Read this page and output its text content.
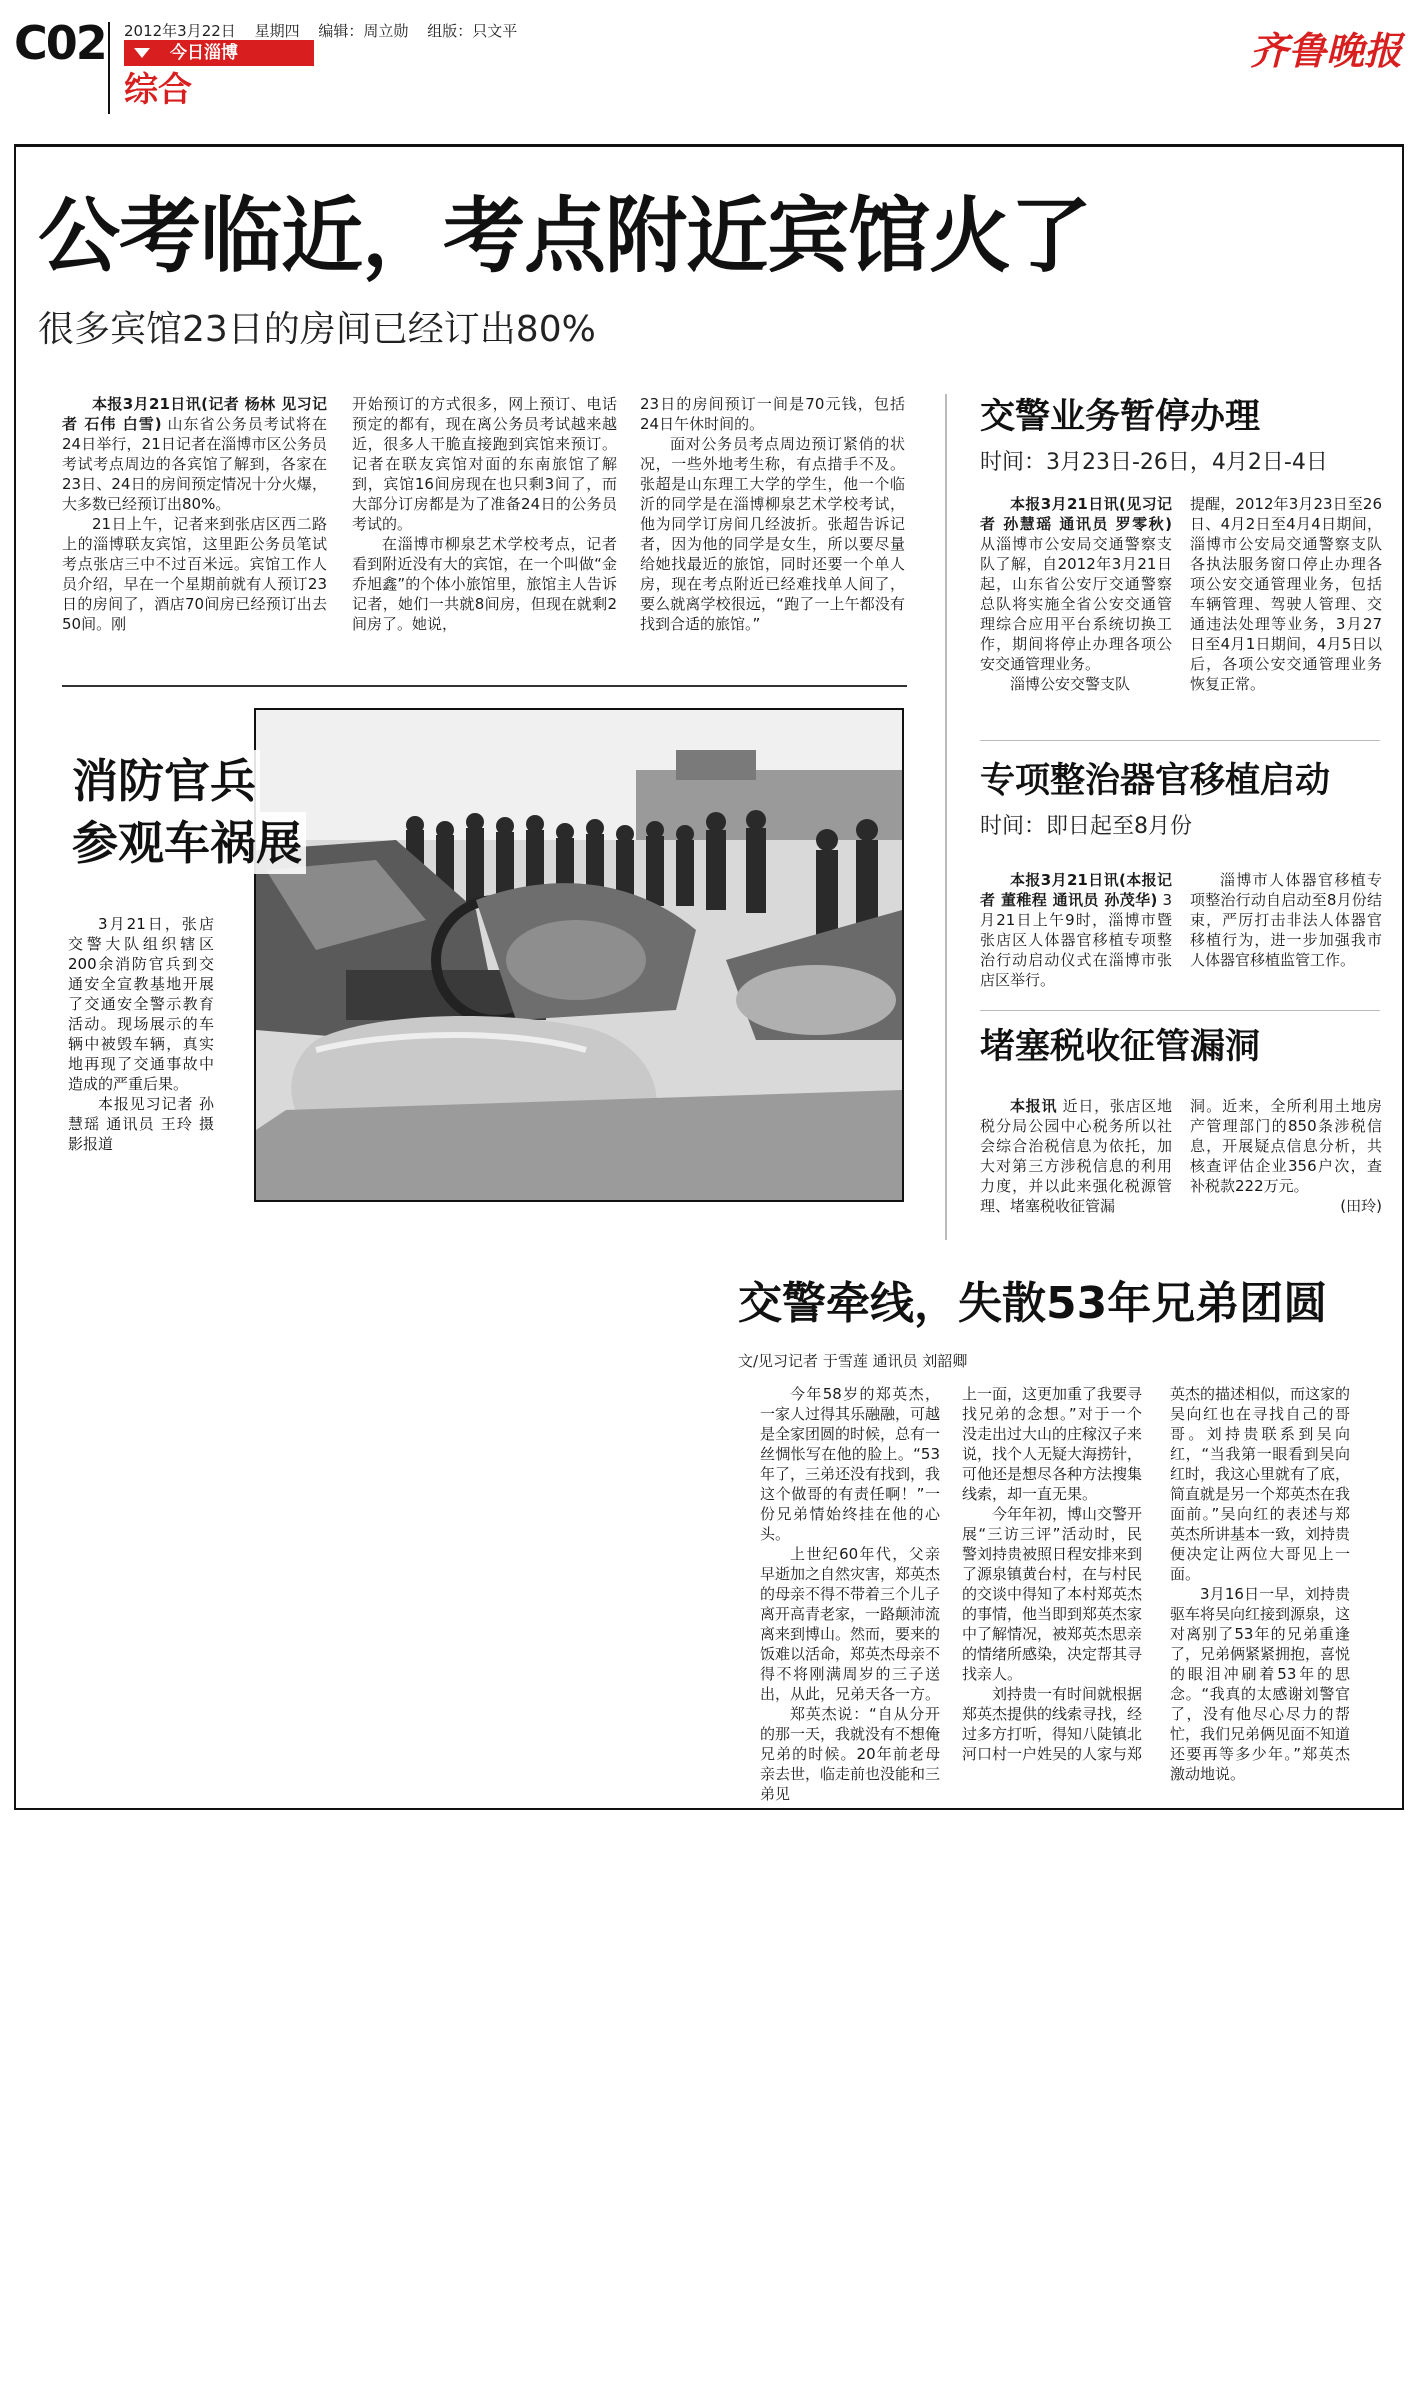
C02 2012年3月22日 星期四 编辑：周立勋 组版：只文平
今日淄博
综合
齐鲁晚报
公考临近，考点附近宾馆火了
很多宾馆23日的房间已经订出80%

本报3月21日讯(记者 杨林 见习记者 石伟 白雪) 山东省公务员考试将在24日举行，21日记者在淄博市区公务员考试考点周边的各宾馆了解到，各家在23日、24日的房间预定情况十分火爆，大多数已经预订出80%。

21日上午，记者来到张店区西二路上的淄博联友宾馆，这里距公务员笔试考点张店三中不过百米远。宾馆工作人员介绍，早在一个星期前就有人预订23日的房间了，酒店70间房已经预订出去50间。刚

开始预订的方式很多，网上预订、电话预定的都有，现在离公务员考试越来越近，很多人干脆直接跑到宾馆来预订。记者在联友宾馆对面的东南旅馆了解到，宾馆16间房现在也只剩3间了，而大部分订房都是为了准备24日的公务员考试的。

在淄博市柳泉艺术学校考点，记者看到附近没有大的宾馆，在一个叫做“金乔旭鑫”的个体小旅馆里，旅馆主人告诉记者，她们一共就8间房，但现在就剩2间房了。她说，

23日的房间预订一间是70元钱，包括24日午休时间的。

面对公务员考点周边预订紧俏的状况，一些外地考生称，有点措手不及。张超是山东理工大学的学生，他一个临沂的同学是在淄博柳泉艺术学校考试，他为同学订房间几经波折。张超告诉记者，因为他的同学是女生，所以要尽量给她找最近的旅馆，同时还要一个单人房，现在考点附近已经难找单人间了，要么就离学校很远，“跑了一上午都没有找到合适的旅馆。”

交警业务暂停办理
时间：3月23日-26日，4月2日-4日

本报3月21日讯(见习记者 孙慧瑶 通讯员 罗零秋) 从淄博市公安局交通警察支队了解，自2012年3月21日起，山东省公安厅交通警察总队将实施全省公安交通管理综合应用平台系统切换工作，期间将停止办理各项公安交通管理业务。

淄博公安交警支队

提醒，2012年3月23日至26日、4月2日至4月4日期间，淄博市公安局交通警察支队各执法服务窗口停止办理各项公安交通管理业务，包括车辆管理、驾驶人管理、交通违法处理等业务，3月27日至4月1日期间，4月5日以后，各项公安交通管理业务恢复正常。

专项整治器官移植启动
时间：即日起至8月份

本报3月21日讯(本报记者 董稚程 通讯员 孙茂华) 3月21日上午9时，淄博市暨张店区人体器官移植专项整治行动启动仪式在淄博市张店区举行。

淄博市人体器官移植专项整治行动自启动至8月份结束，严厉打击非法人体器官移植行为，进一步加强我市人体器官移植监管工作。

堵塞税收征管漏洞

本报讯 近日，张店区地税分局公园中心税务所以社会综合治税信息为依托，加大对第三方涉税信息的利用力度，并以此来强化税源管理、堵塞税收征管漏

洞。近来，全所利用土地房产管理部门的850条涉税信息，开展疑点信息分析，共核查评估企业356户次，查补税款222万元。

(田玲)

消防官兵
参观车祸展

3月21日，张店交警大队组织辖区200余消防官兵到交通安全宣教基地开展了交通安全警示教育活动。现场展示的车辆中被毁车辆，真实地再现了交通事故中造成的严重后果。

本报见习记者 孙慧瑶 通讯员 王玲 摄影报道

交警牵线，失散53年兄弟团圆
文/见习记者 于雪莲 通讯员 刘韶卿

今年58岁的郑英杰，一家人过得其乐融融，可越是全家团圆的时候，总有一丝惆怅写在他的脸上。“53年了，三弟还没有找到，我这个做哥的有责任啊！”一份兄弟情始终挂在他的心头。

上世纪60年代，父亲早逝加之自然灾害，郑英杰的母亲不得不带着三个儿子离开高青老家，一路颠沛流离来到博山。然而，要来的饭难以活命，郑英杰母亲不得不将刚满周岁的三子送出，从此，兄弟天各一方。

郑英杰说：“自从分开的那一天，我就没有不想俺兄弟的时候。20年前老母亲去世，临走前也没能和三弟见

上一面，这更加重了我要寻找兄弟的念想。”对于一个没走出过大山的庄稼汉子来说，找个人无疑大海捞针，可他还是想尽各种方法搜集线索，却一直无果。

今年年初，博山交警开展“三访三评”活动时，民警刘持贵被照日程安排来到了源泉镇黄台村，在与村民的交谈中得知了本村郑英杰的事情，他当即到郑英杰家中了解情况，被郑英杰思亲的情绪所感染，决定帮其寻找亲人。

刘持贵一有时间就根据郑英杰提供的线索寻找，经过多方打听，得知八陡镇北河口村一户姓吴的人家与郑

英杰的描述相似，而这家的吴向红也在寻找自己的哥哥。刘持贵联系到吴向红，“当我第一眼看到吴向红时，我这心里就有了底，简直就是另一个郑英杰在我面前。”吴向红的表述与郑英杰所讲基本一致，刘持贵便决定让两位大哥见上一面。

3月16日一早，刘持贵驱车将吴向红接到源泉，这对离别了53年的兄弟重逢了，兄弟俩紧紧拥抱，喜悦的眼泪冲刷着53年的思念。“我真的太感谢刘警官了，没有他尽心尽力的帮忙，我们兄弟俩见面不知道还要再等多少年。”郑英杰激动地说。
